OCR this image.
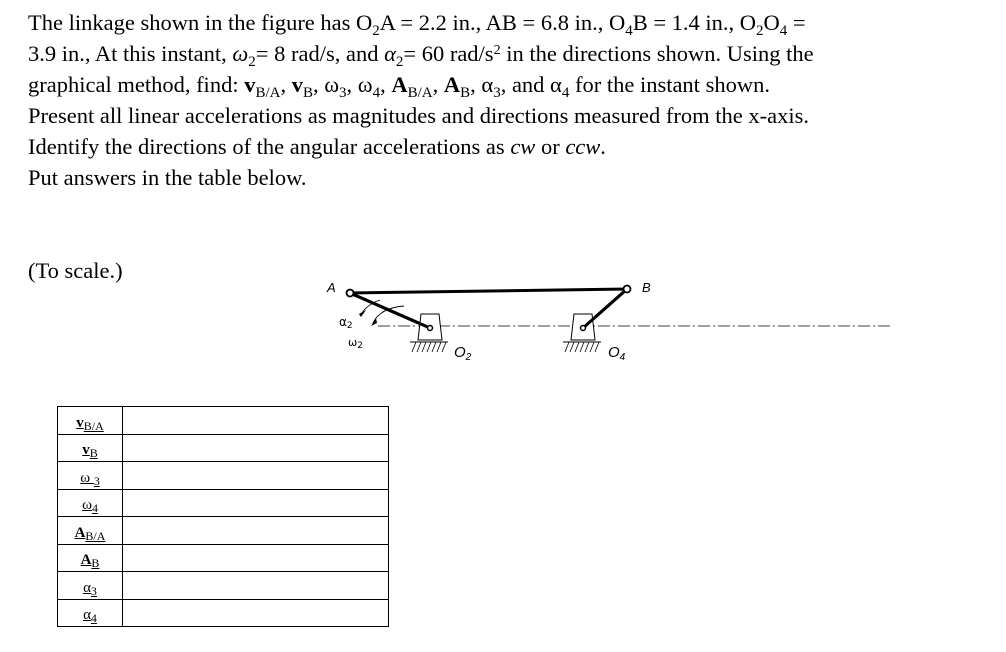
The linkage shown in the figure has $O_2A = 2.2$ in., AB = 6.8 in., $O_4B = 1.4$ in., $O_2O_4$ =
3.9 in., At this instant, $\omega_2= 8$ rad/s, and $\alpha_2= 60$ rad/$s^2$ in the directions shown. Using the
graphical method, find: $v_{B/A}$, $v_B$, $\omega_3$, $\omega_4$, $A_{B/A}$, $A_B$, $\alpha_3$, and $\alpha_4$ for the instant shown.
Present all linear accelerations as magnitudes and directions measured from the x-axis.
Identify the directions of the angular accelerations as cw or ccw.
Put answers in the table below.
(To scale.)
A	B
$O_2$	$O_4$
α2
ω2
$v_{B/A}$	
$v_B$	
ω $_3$	
$\omega_4$	
$A_{B/A}$	
$A_B$	
$\alpha_3$	
$\alpha_4$	
